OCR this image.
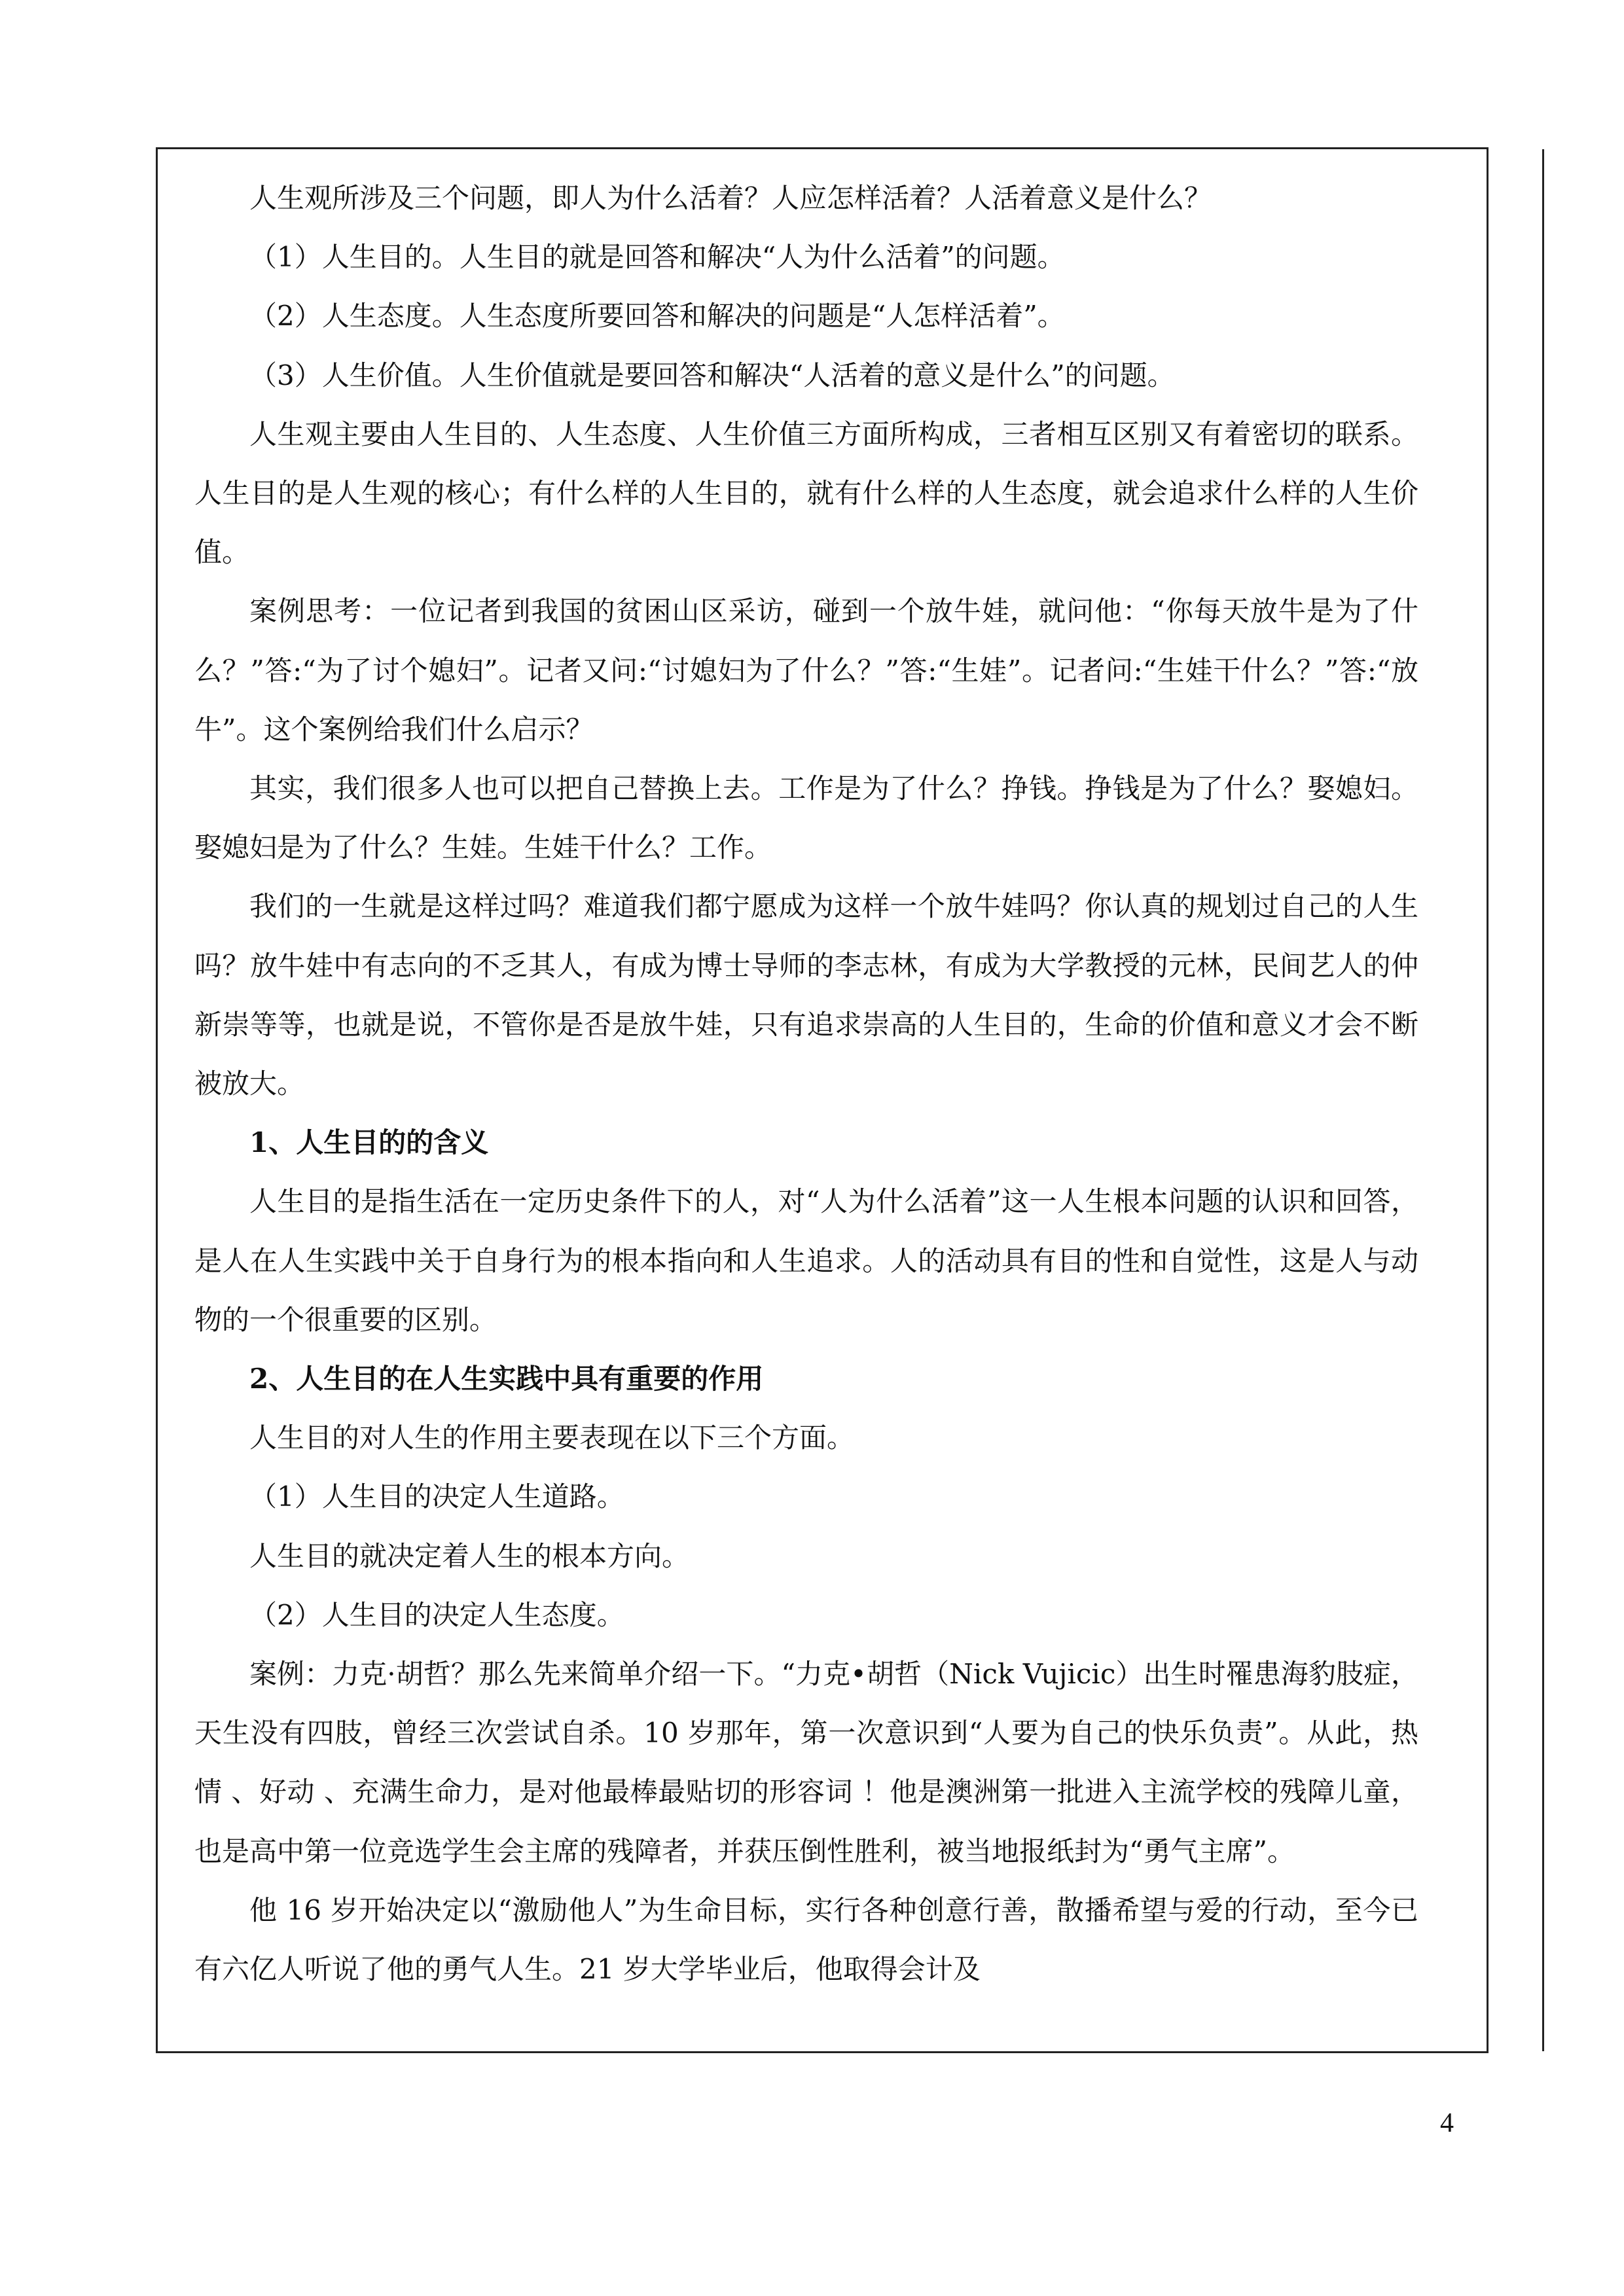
人生观所涉及三个问题，即人为什么活着？人应怎样活着？人活着意义是什么？
（1）人生目的。人生目的就是回答和解决“人为什么活着”的问题。
（2）人生态度。人生态度所要回答和解决的问题是“人怎样活着”。
（3）人生价值。人生价值就是要回答和解决“人活着的意义是什么”的问题。
人生观主要由人生目的、人生态度、人生价值三方面所构成，三者相互区别又有着密切的联系。人生目的是人生观的核心；有什么样的人生目的，就有什么样的人生态度，就会追求什么样的人生价值。
案例思考：一位记者到我国的贫困山区采访，碰到一个放牛娃，就问他：“你每天放牛是为了什么？”答:“为了讨个媳妇”。记者又问:“讨媳妇为了什么？”答:“生娃”。记者问:“生娃干什么？”答:“放牛”。这个案例给我们什么启示？
其实，我们很多人也可以把自己替换上去。工作是为了什么？挣钱。挣钱是为了什么？娶媳妇。娶媳妇是为了什么？生娃。生娃干什么？工作。
我们的一生就是这样过吗？难道我们都宁愿成为这样一个放牛娃吗？你认真的规划过自己的人生吗？放牛娃中有志向的不乏其人，有成为博士导师的李志林，有成为大学教授的元林，民间艺人的仲新崇等等，也就是说，不管你是否是放牛娃，只有追求崇高的人生目的，生命的价值和意义才会不断被放大。
1、人生目的的含义
人生目的是指生活在一定历史条件下的人，对“人为什么活着”这一人生根本问题的认识和回答，是人在人生实践中关于自身行为的根本指向和人生追求。人的活动具有目的性和自觉性，这是人与动物的一个很重要的区别。
2、人生目的在人生实践中具有重要的作用
人生目的对人生的作用主要表现在以下三个方面。
（1）人生目的决定人生道路。
人生目的就决定着人生的根本方向。
（2）人生目的决定人生态度。
案例：力克·胡哲？那么先来简单介绍一下。“力克•胡哲（Nick Vujicic）出生时罹患海豹肢症，天生没有四肢，曾经三次尝试自杀。10 岁那年，第一次意识到“人要为自己的快乐负责”。从此，热情 、好动 、充满生命力，是对他最棒最贴切的形容词 ！他是澳洲第一批进入主流学校的残障儿童，也是高中第一位竞选学生会主席的残障者，并获压倒性胜利，被当地报纸封为“勇气主席”。
他 16 岁开始决定以“激励他人”为生命目标，实行各种创意行善，散播希望与爱的行动，至今已有六亿人听说了他的勇气人生。21 岁大学毕业后，他取得会计及
4
